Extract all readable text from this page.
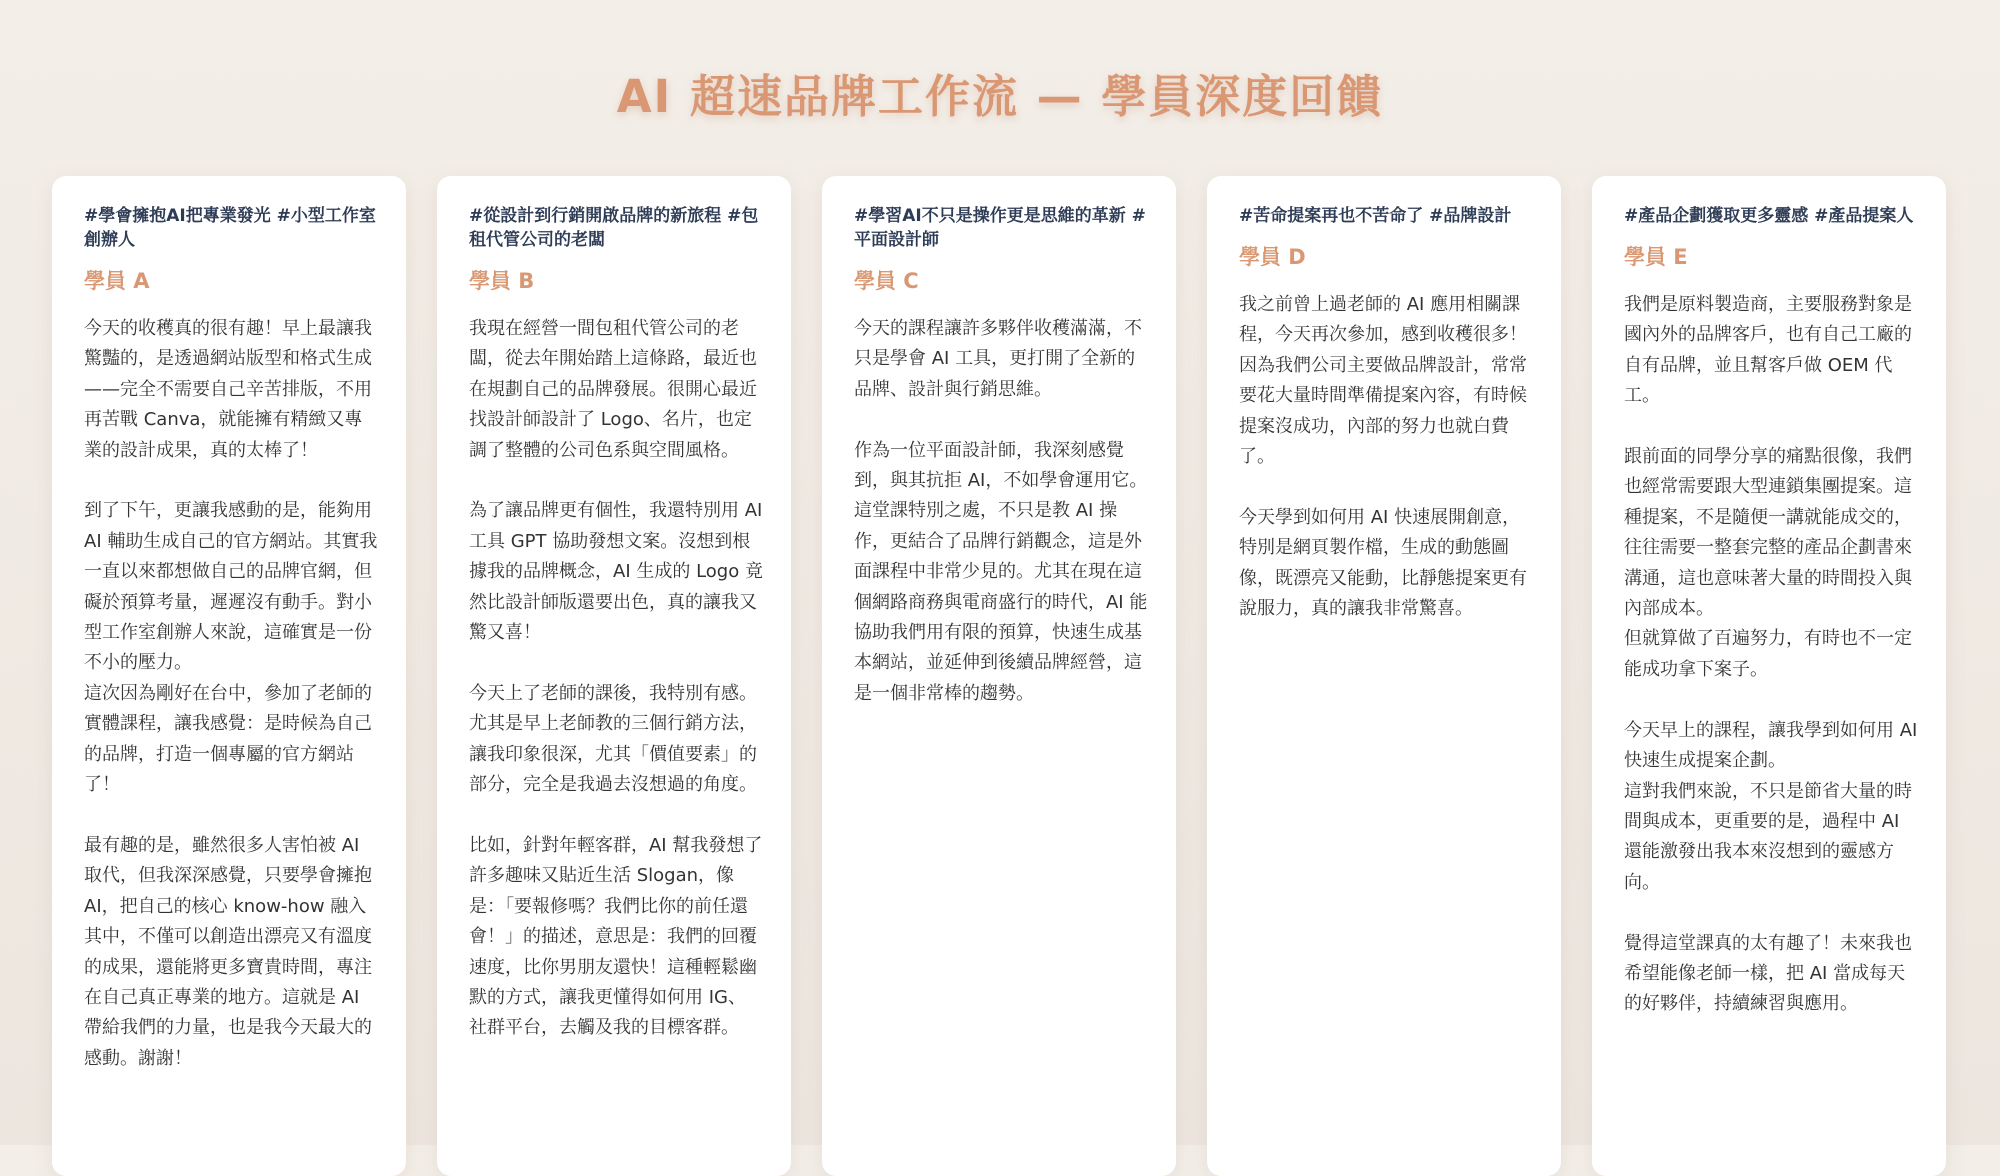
AI 超速品牌工作流 — 學員深度回饋

#學會擁抱AI把專業發光 #小型工作室創辦人

學員 A

今天的收穫真的很有趣！早上最讓我驚豔的，是透過網站版型和格式生成——完全不需要自己辛苦排版，不用再苦戰 Canva，就能擁有精緻又專業的設計成果，真的太棒了！

到了下午，更讓我感動的是，能夠用 AI 輔助生成自己的官方網站。其實我一直以來都想做自己的品牌官網，但礙於預算考量，遲遲沒有動手。對小型工作室創辦人來說，這確實是一份不小的壓力。
這次因為剛好在台中，參加了老師的實體課程，讓我感覺：是時候為自己的品牌，打造一個專屬的官方網站了！

最有趣的是，雖然很多人害怕被 AI 取代，但我深深感覺，只要學會擁抱 AI，把自己的核心 know-how 融入其中，不僅可以創造出漂亮又有溫度的成果，還能將更多寶貴時間，專注在自己真正專業的地方。這就是 AI 帶給我們的力量，也是我今天最大的感動。謝謝！

#從設計到行銷開啟品牌的新旅程 #包租代管公司的老闆

學員 B

我現在經營一間包租代管公司的老闆，從去年開始踏上這條路，最近也在規劃自己的品牌發展。很開心最近找設計師設計了 Logo、名片，也定調了整體的公司色系與空間風格。

為了讓品牌更有個性，我還特別用 AI 工具 GPT 協助發想文案。沒想到根據我的品牌概念，AI 生成的 Logo 竟然比設計師版還要出色，真的讓我又驚又喜！

今天上了老師的課後，我特別有感。尤其是早上老師教的三個行銷方法，讓我印象很深，尤其「價值要素」的部分，完全是我過去沒想過的角度。

比如，針對年輕客群，AI 幫我發想了許多趣味又貼近生活 Slogan，像是：「要報修嗎？我們比你的前任還會！」的描述，意思是：我們的回覆速度，比你男朋友還快！這種輕鬆幽默的方式，讓我更懂得如何用 IG、社群平台，去觸及我的目標客群。

#學習AI不只是操作更是思維的革新 #平面設計師

學員 C

今天的課程讓許多夥伴收穫滿滿，不只是學會 AI 工具，更打開了全新的品牌、設計與行銷思維。

作為一位平面設計師，我深刻感覺到，與其抗拒 AI，不如學會運用它。這堂課特別之處，不只是教 AI 操作，更結合了品牌行銷觀念，這是外面課程中非常少見的。尤其在現在這個網路商務與電商盛行的時代，AI 能協助我們用有限的預算，快速生成基本網站，並延伸到後續品牌經營，這是一個非常棒的趨勢。

#苦命提案再也不苦命了 #品牌設計

學員 D

我之前曾上過老師的 AI 應用相關課程，今天再次參加，感到收穫很多！因為我們公司主要做品牌設計，常常要花大量時間準備提案內容，有時候提案沒成功，內部的努力也就白費了。

今天學到如何用 AI 快速展開創意，特別是網頁製作檔，生成的動態圖像，既漂亮又能動，比靜態提案更有說服力，真的讓我非常驚喜。

#產品企劃獲取更多靈感 #產品提案人

學員 E

我們是原料製造商，主要服務對象是國內外的品牌客戶，也有自己工廠的自有品牌，並且幫客戶做 OEM 代工。

跟前面的同學分享的痛點很像，我們也經常需要跟大型連鎖集團提案。這種提案，不是隨便一講就能成交的，往往需要一整套完整的產品企劃書來溝通，這也意味著大量的時間投入與內部成本。
但就算做了百遍努力，有時也不一定能成功拿下案子。

今天早上的課程，讓我學到如何用 AI 快速生成提案企劃。
這對我們來說，不只是節省大量的時間與成本，更重要的是，過程中 AI 還能激發出我本來沒想到的靈感方向。

覺得這堂課真的太有趣了！未來我也希望能像老師一樣，把 AI 當成每天的好夥伴，持續練習與應用。
